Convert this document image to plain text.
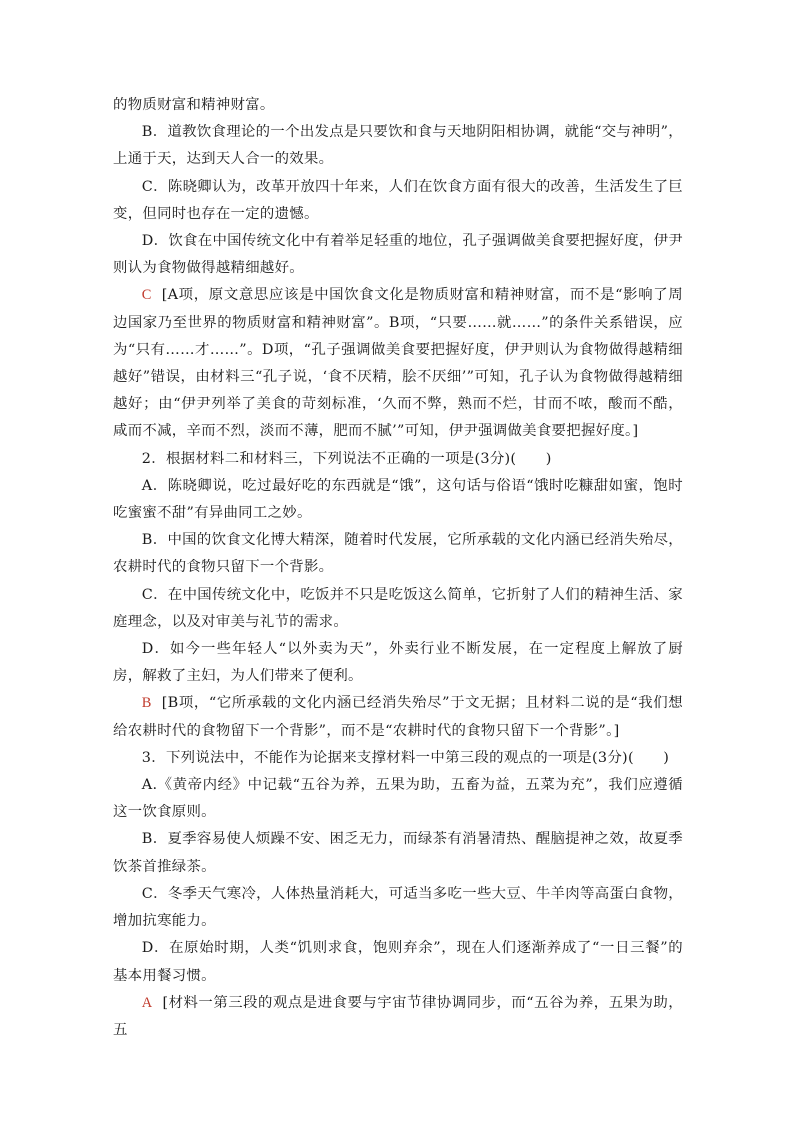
的物质财富和精神财富。

B．道教饮食理论的一个出发点是只要饮和食与天地阴阳相协调，就能“交与神明”，上通于天，达到天人合一的效果。

C．陈晓卿认为，改革开放四十年来，人们在饮食方面有很大的改善，生活发生了巨变，但同时也存在一定的遗憾。

D．饮食在中国传统文化中有着举足轻重的地位，孔子强调做美食要把握好度，伊尹则认为食物做得越精细越好。

C [A项，原文意思应该是中国饮食文化是物质财富和精神财富，而不是“影响了周边国家乃至世界的物质财富和精神财富”。B项，“只要……就……”的条件关系错误，应为“只有……才……”。D项，“孔子强调做美食要把握好度，伊尹则认为食物做得越精细越好”错误，由材料三“孔子说，‘食不厌精，脍不厌细’”可知，孔子认为食物做得越精细越好；由“伊尹列举了美食的苛刻标准，‘久而不弊，熟而不烂，甘而不哝，酸而不酷，咸而不减，辛而不烈，淡而不薄，肥而不腻’”可知，伊尹强调做美食要把握好度。]

2．根据材料二和材料三，下列说法不正确的一项是(3分)(　　)

A．陈晓卿说，吃过最好吃的东西就是“饿”，这句话与俗语“饿时吃糠甜如蜜，饱时吃蜜蜜不甜”有异曲同工之妙。

B．中国的饮食文化博大精深，随着时代发展，它所承载的文化内涵已经消失殆尽，农耕时代的食物只留下一个背影。

C．在中国传统文化中，吃饭并不只是吃饭这么简单，它折射了人们的精神生活、家庭理念，以及对审美与礼节的需求。

D．如今一些年轻人“以外卖为天”，外卖行业不断发展，在一定程度上解放了厨房，解救了主妇，为人们带来了便利。

B [B项，“它所承载的文化内涵已经消失殆尽”于文无据；且材料二说的是“我们想给农耕时代的食物留下一个背影”，而不是“农耕时代的食物只留下一个背影”。]

3．下列说法中，不能作为论据来支撑材料一中第三段的观点的一项是(3分)(　　)

A.《黄帝内经》中记载“五谷为养，五果为助，五畜为益，五菜为充”，我们应遵循这一饮食原则。

B．夏季容易使人烦躁不安、困乏无力，而绿茶有消暑清热、醒脑提神之效，故夏季饮茶首推绿茶。

C．冬季天气寒冷，人体热量消耗大，可适当多吃一些大豆、牛羊肉等高蛋白食物，增加抗寒能力。

D．在原始时期，人类“饥则求食，饱则弃余”，现在人们逐渐养成了“一日三餐”的基本用餐习惯。

A [材料一第三段的观点是进食要与宇宙节律协调同步，而“五谷为养，五果为助，五
